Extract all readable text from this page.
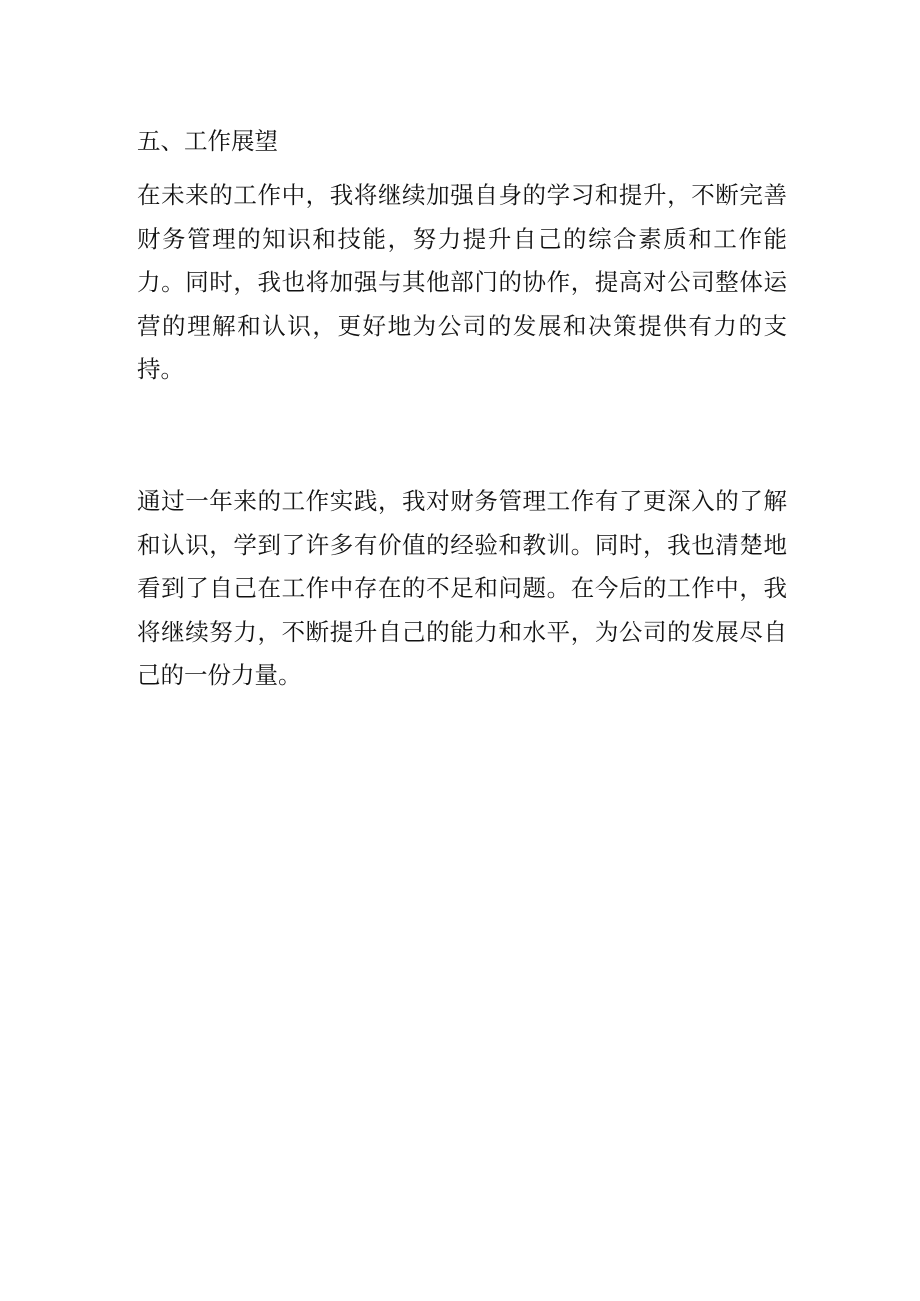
五、工作展望

在未来的工作中，我将继续加强自身的学习和提升，不断完善财务管理的知识和技能，努力提升自己的综合素质和工作能力。同时，我也将加强与其他部门的协作，提高对公司整体运营的理解和认识，更好地为公司的发展和决策提供有力的支持。

通过一年来的工作实践，我对财务管理工作有了更深入的了解和认识，学到了许多有价值的经验和教训。同时，我也清楚地看到了自己在工作中存在的不足和问题。在今后的工作中，我将继续努力，不断提升自己的能力和水平，为公司的发展尽自己的一份力量。
